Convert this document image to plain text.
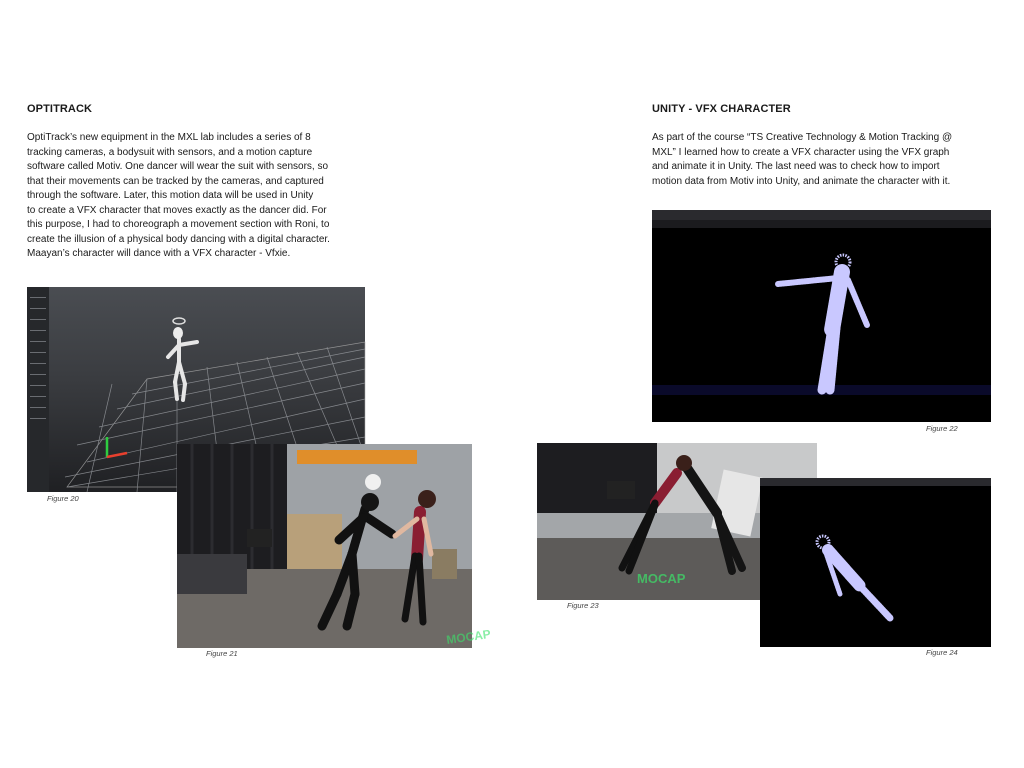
OPTITRACK
OptiTrack’s new equipment in the MXL lab includes a series of 8
tracking cameras, a bodysuit with sensors, and a motion capture
software called Motiv. One dancer will wear the suit with sensors, so
that their movements can be tracked by the cameras, and captured
through the software. Later, this motion data will be used in Unity
to create a VFX character that moves exactly as the dancer did. For
this purpose, I had to choreograph a movement section with Roni, to
create the illusion of a physical body dancing with a digital character.
Maayan’s character will dance with a VFX character - Vfxie.

Figure 20

MOCAP

Figure 21

UNITY - VFX CHARACTER
As part of the course “TS Creative Technology & Motion Tracking @
MXL” I learned how to create a VFX character using the VFX graph
and animate it in Unity. The last need was to check how to import
motion data from Motiv into Unity, and animate the character with it.

Figure 22

MOCAP

Figure 23

Figure 24
